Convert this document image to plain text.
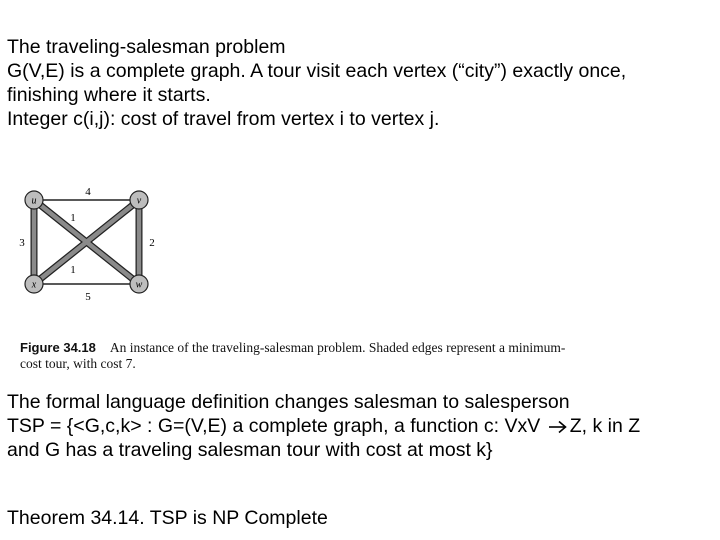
The traveling-salesman problem
G(V,E) is a complete graph. A tour visit each vertex (“city”) exactly once,
finishing where it starts.
Integer c(i,j): cost of travel from vertex i to vertex j.
u	v
x	w
4
1
1
3	2
5
Figure 34.18 An instance of the traveling-salesman problem. Shaded edges represent a minimum-
cost tour, with cost 7.
The formal language definition changes salesman to salesperson
TSP = {<G,c,k> : G=(V,E) a complete graph, a function c: VxV Z, k in Z
and G has a traveling salesman tour with cost at most k}
Theorem 34.14. TSP is NP Complete
